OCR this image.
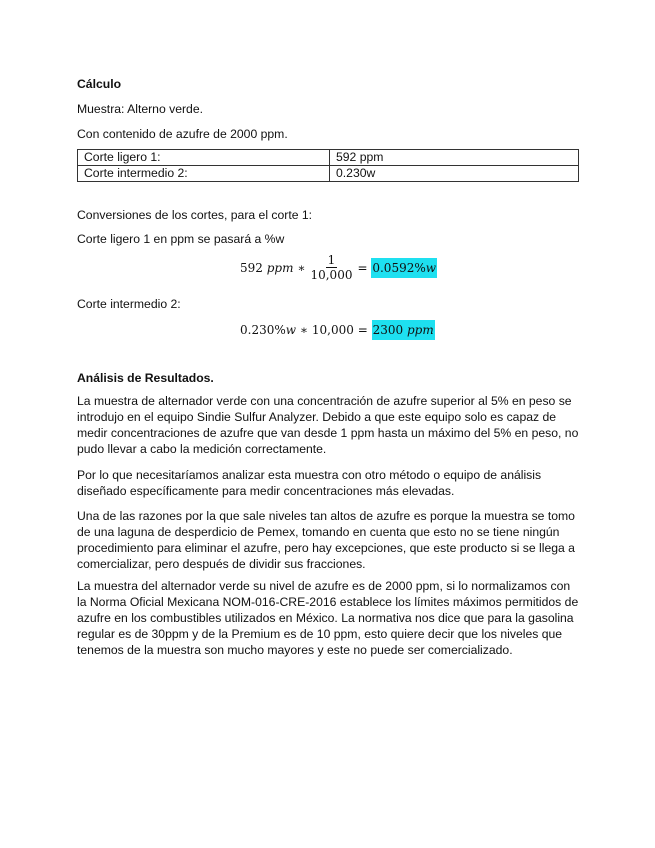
Cálculo
Muestra: Alterno verde.
Con contenido de azufre de 2000 ppm.
Corte ligero 1:	592 ppm
Corte intermedio 2:	0.230w
Conversiones de los cortes, para el corte 1:
Corte ligero 1 en ppm se pasará a %w
592
ppm
∗ $\frac{1}{10,000}$ =
0.0592%w
Corte intermedio 2:
0.230% w
∗
10,000
=
2300 ppm
Análisis de Resultados.
La muestra de alternador verde con una concentración de azufre superior al 5% en peso se introdujo en el equipo Sindie Sulfur Analyzer. Debido a que este equipo solo es capaz de medir concentraciones de azufre que van desde 1 ppm hasta un máximo del 5% en peso, no pudo llevar a cabo la medición correctamente.
Por lo que necesitaríamos analizar esta muestra con otro método o equipo de análisis diseñado específicamente para medir concentraciones más elevadas.
Una de las razones por la que sale niveles tan altos de azufre es porque la muestra se tomo de una laguna de desperdicio de Pemex, tomando en cuenta que esto no se tiene ningún procedimiento para eliminar el azufre, pero hay excepciones, que este producto si se llega a comercializar, pero después de dividir sus fracciones.
La muestra del alternador verde su nivel de azufre es de 2000 ppm, si lo normalizamos con la Norma Oficial Mexicana NOM-016-CRE-2016 establece los límites máximos permitidos de azufre en los combustibles utilizados en México. La normativa nos dice que para la gasolina regular es de 30ppm y de la Premium es de 10 ppm, esto quiere decir que los niveles que tenemos de la muestra son mucho mayores y este no puede ser comercializado.
